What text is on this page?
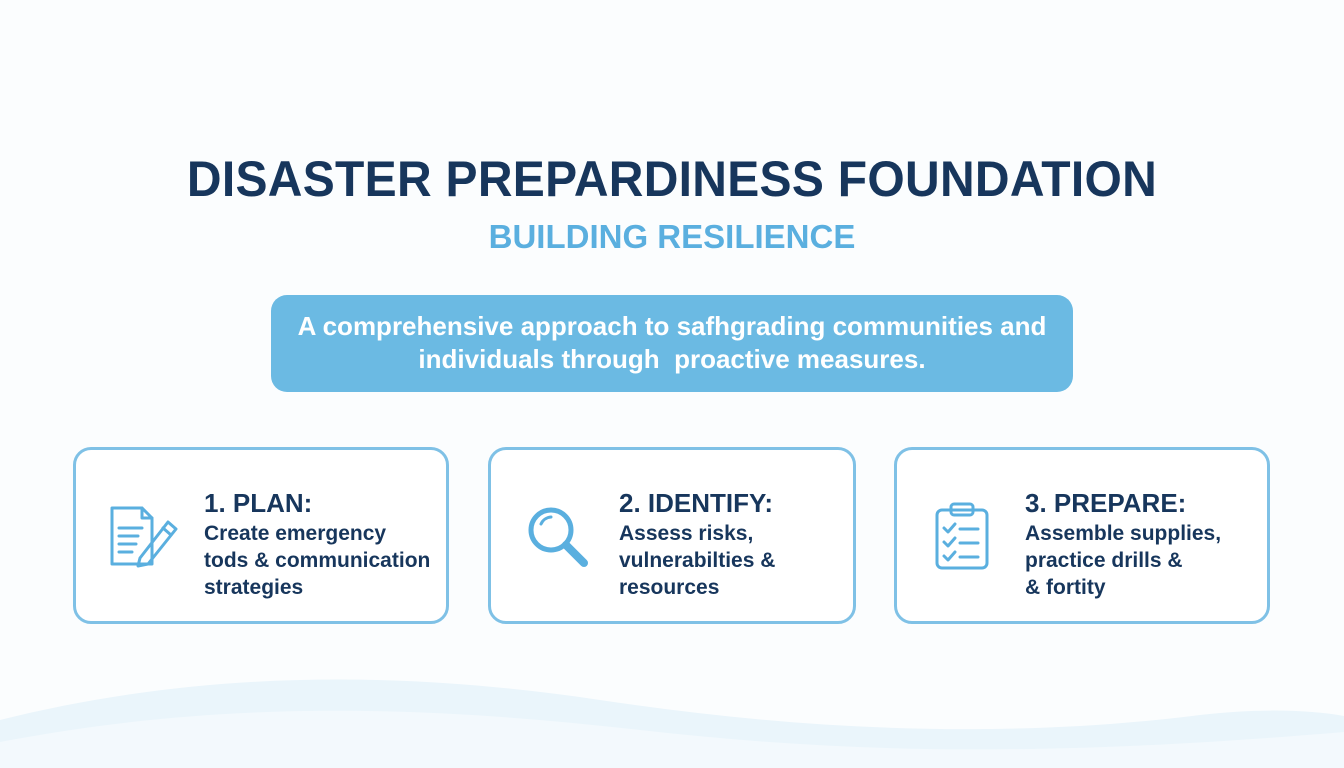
DISASTER PREPARDINESS FOUNDATION
BUILDING RESILIENCE
A comprehensive approach to safhgrading communities and
individuals through  proactive measures.
1. PLAN:
Create emergency
tods & communication
strategies
2. IDENTIFY:
Assess risks,
vulnerabilties &
resources
3. PREPARE:
Assemble supplies,
practice drills &
& fortity
